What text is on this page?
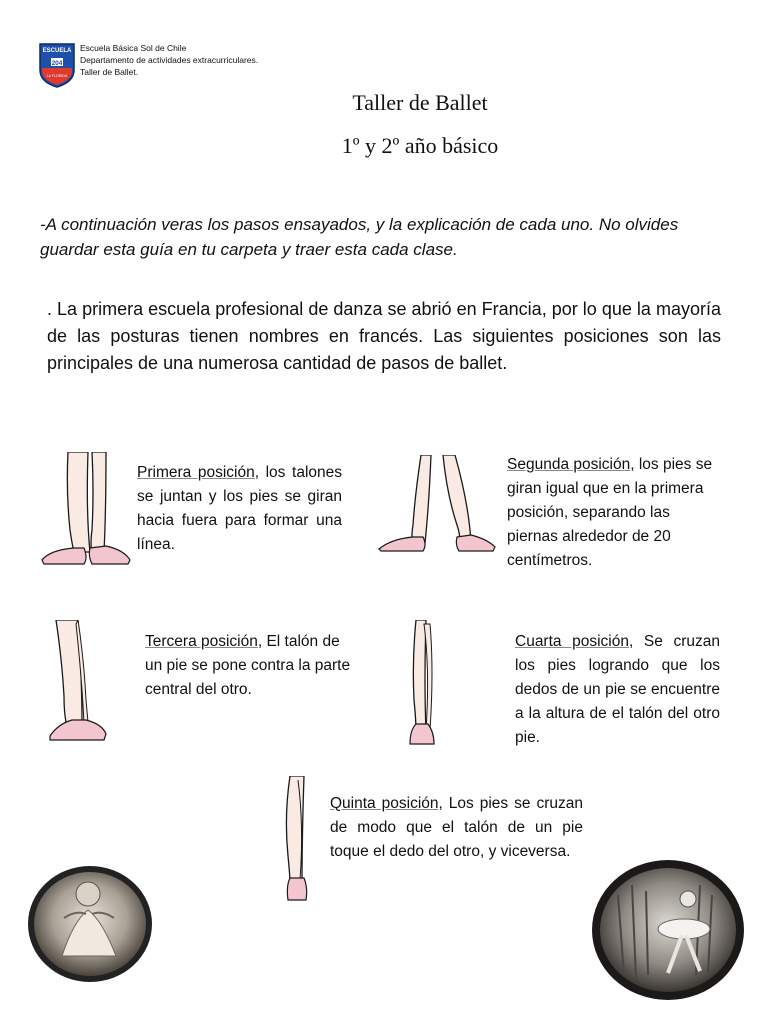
ESCUELA
204
LA FLORIDA
Escuela Básica Sol de Chile
Departamento de actividades extracurriculares.
Taller de Ballet.
Taller de Ballet
1º y 2º año básico
-A continuación veras los pasos ensayados, y la explicación de cada uno. No olvides guardar esta guía en tu carpeta y traer esta cada clase.
. La primera escuela profesional de danza se abrió en Francia, por lo que la mayoría de las posturas tienen nombres en francés. Las siguientes posiciones son las principales de una numerosa cantidad de pasos de ballet.
Primera posición, los talones se juntan y los pies se giran hacia fuera para formar una línea.
Segunda posición, los pies se giran igual que en la primera posición, separando las piernas alrededor de 20 centímetros.
Tercera posición, El talón de un pie se pone contra la parte central del otro.
Cuarta posición, Se cruzan los pies logrando que los dedos de un pie se encuentre a la altura de el talón del otro pie.
Quinta posición, Los pies se cruzan de modo que el talón de un pie toque el dedo del otro, y viceversa.
